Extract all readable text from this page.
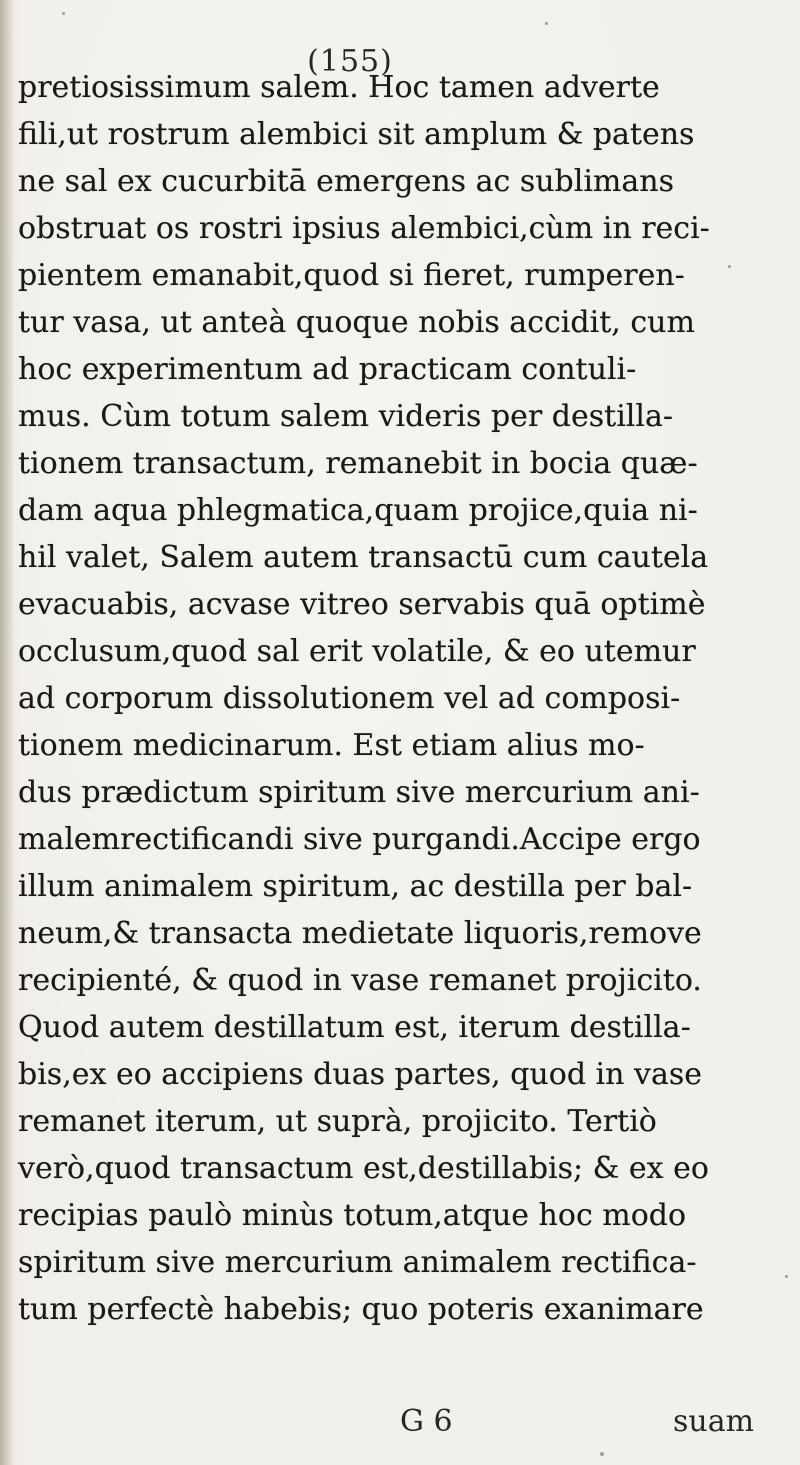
(155)
pretiosissimum salem. Hoc tamen adverte
fili,ut rostrum alembici sit amplum & patens
ne sal ex cucurbitā emergens ac sublimans
obstruat os rostri ipsius alembici,cùm in reci-
pientem emanabit,quod si fieret, rumperen-
tur vasa, ut anteà quoque nobis accidit, cum
hoc experimentum ad practicam contuli-
mus. Cùm totum salem videris per destilla-
tionem transactum, remanebit in bocia quæ-
dam aqua phlegmatica,quam projice,quia ni-
hil valet, Salem autem transactū cum cautela
evacuabis, acvase vitreo servabis quā optimè
occlusum,quod sal erit volatile, & eo utemur
ad corporum dissolutionem vel ad composi-
tionem medicinarum. Est etiam alius mo-
dus prædictum spiritum sive mercurium ani-
malemrectificandi sive purgandi.Accipe ergo
illum animalem spiritum, ac destilla per bal-
neum,& transacta medietate liquoris,remove
recipienté, & quod in vase remanet projicito.
Quod autem destillatum est, iterum destilla-
bis,ex eo accipiens duas partes, quod in vase
remanet iterum, ut suprà, projicito. Tertiò
verò,quod transactum est,destillabis; & ex eo
recipias paulò minùs totum,atque hoc modo
spiritum sive mercurium animalem rectifica-
tum perfectè habebis; quo poteris exanimare
G 6	suam
